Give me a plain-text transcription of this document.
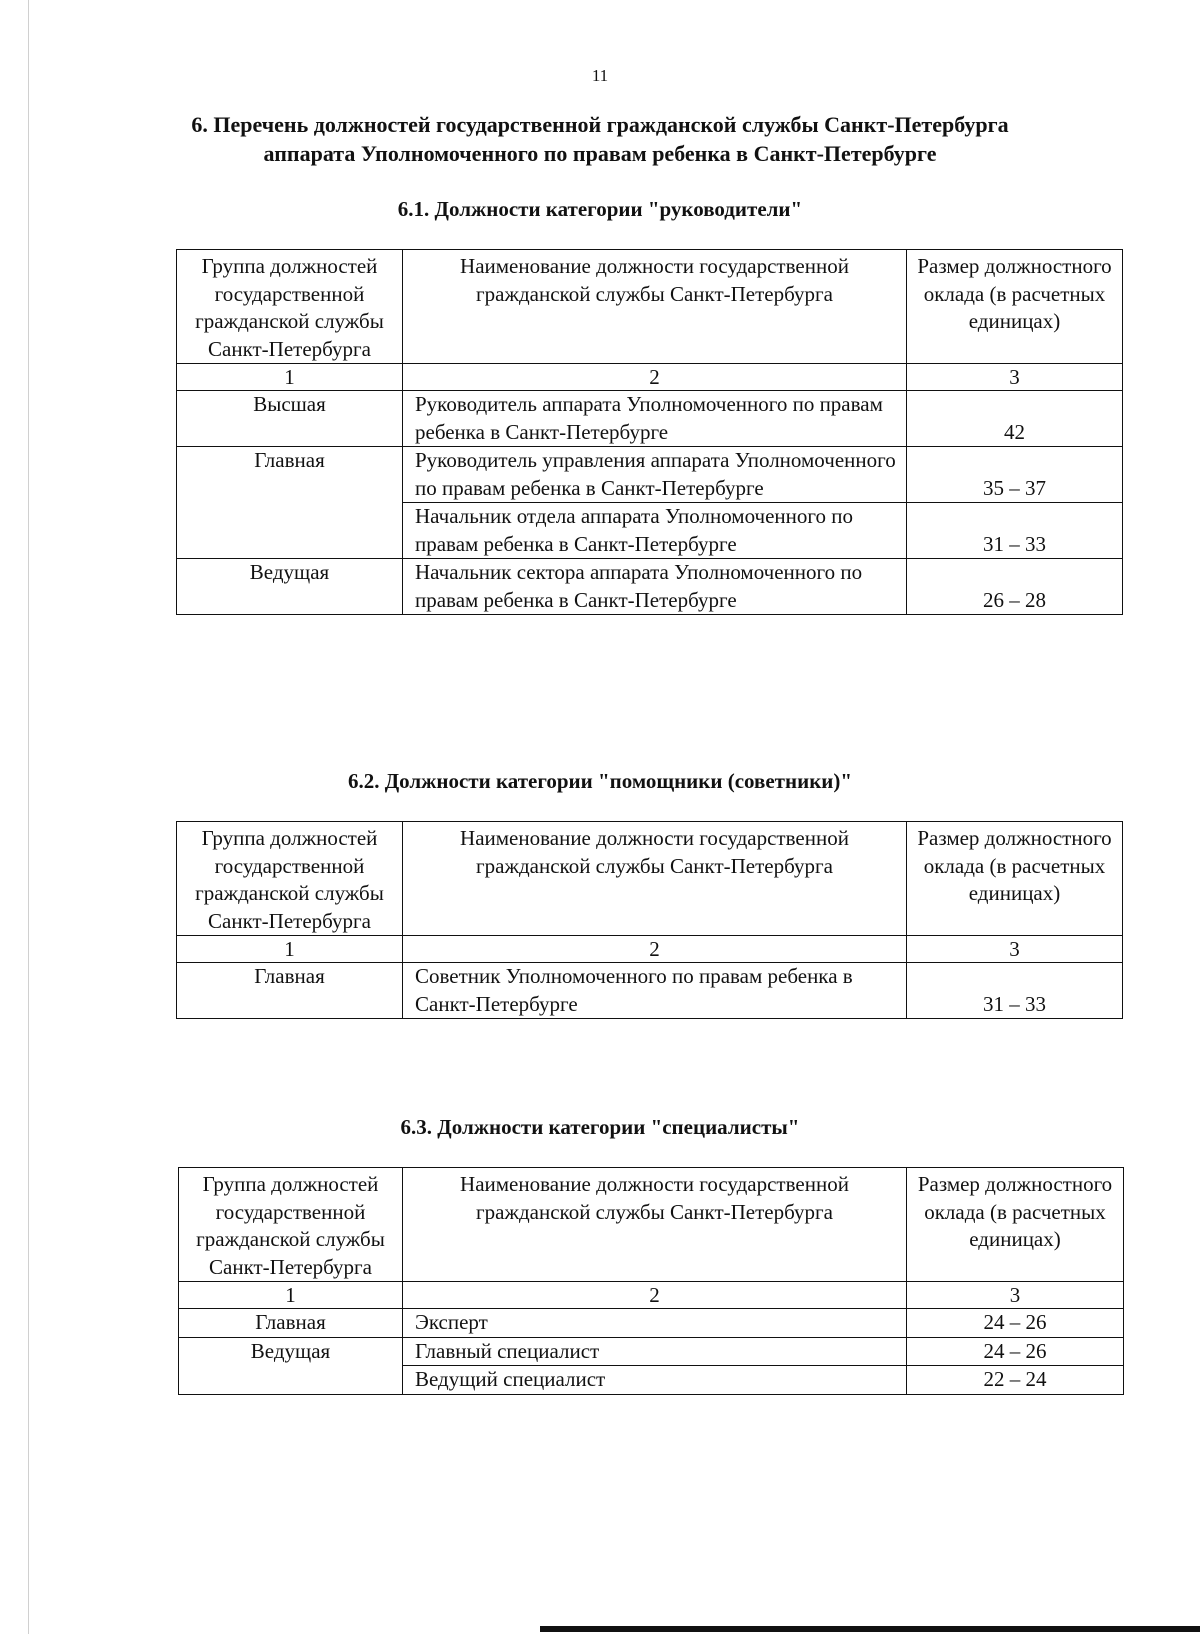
11
6. Перечень должностей государственной гражданской службы Санкт-Петербурга
аппарата Уполномоченного по правам ребенка в Санкт-Петербурге
6.1. Должности категории "руководители"
Группа должностей государственной гражданской службы Санкт-Петербурга	Наименование должности государственной гражданской службы Санкт-Петербурга	Размер должностного оклада (в расчетных единицах)
1	2	3
Высшая	Руководитель аппарата Уполномоченного по правам ребенка в Санкт-Петербурге	42
Главная	Руководитель управления аппарата Уполномоченного по правам ребенка в Санкт-Петербурге	35 – 37
	Начальник отдела аппарата Уполномоченного по правам ребенка в Санкт-Петербурге	31 – 33
Ведущая	Начальник сектора аппарата Уполномоченного по правам ребенка в Санкт-Петербурге	26 – 28
6.2. Должности категории "помощники (советники)"
Группа должностей государственной гражданской службы Санкт-Петербурга	Наименование должности государственной гражданской службы Санкт-Петербурга	Размер должностного оклада (в расчетных единицах)
1	2	3
Главная	Советник Уполномоченного по правам ребенка в Санкт-Петербурге	31 – 33
6.3. Должности категории "специалисты"
Группа должностей государственной гражданской службы Санкт-Петербурга	Наименование должности государственной гражданской службы Санкт-Петербурга	Размер должностного оклада (в расчетных единицах)
1	2	3
Главная	Эксперт	24 – 26
Ведущая	Главный специалист	24 – 26
	Ведущий специалист	22 – 24
